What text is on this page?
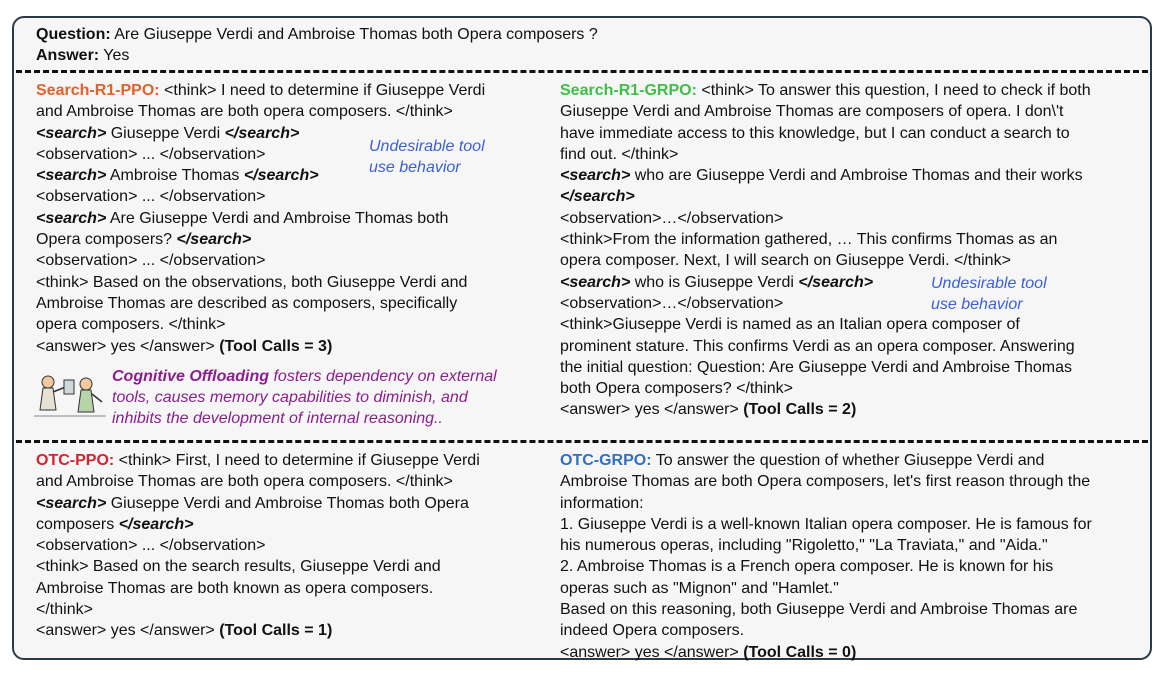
Question: Are Giuseppe Verdi and Ambroise Thomas both Opera composers ?
Answer: Yes
Search-R1-PPO: <think> I need to determine if Giuseppe Verdi
and Ambroise Thomas are both opera composers. </think>
<search> Giuseppe Verdi </search>
<observation> ... </observation>
<search> Ambroise Thomas </search>
<observation> ... </observation>
<search> Are Giuseppe Verdi and Ambroise Thomas both
Opera composers? </search>
<observation> ... </observation>
<think> Based on the observations, both Giuseppe Verdi and
Ambroise Thomas are described as composers, specifically
opera composers. </think>
<answer> yes </answer> (Tool Calls = 3)
Undesirable tool
use behavior
Cognitive Offloading fosters dependency on external
tools, causes memory capabilities to diminish, and
inhibits the development of internal reasoning..
Search-R1-GRPO: <think> To answer this question, I need to check if both
Giuseppe Verdi and Ambroise Thomas are composers of opera. I don\'t
have immediate access to this knowledge, but I can conduct a search to
find out. </think>
<search> who are Giuseppe Verdi and Ambroise Thomas and their works
</search>
<observation>…</observation>
<think>From the information gathered, … This confirms Thomas as an
opera composer. Next, I will search on Giuseppe Verdi. </think>
<search> who is Giuseppe Verdi </search>
<observation>…</observation>
<think>Giuseppe Verdi is named as an Italian opera composer of
prominent stature. This confirms Verdi as an opera composer. Answering
the initial question: Question: Are Giuseppe Verdi and Ambroise Thomas
both Opera composers? </think>
<answer> yes </answer> (Tool Calls = 2)
Undesirable tool
use behavior
OTC-PPO: <think> First, I need to determine if Giuseppe Verdi
and Ambroise Thomas are both opera composers. </think>
<search> Giuseppe Verdi and Ambroise Thomas both Opera
composers </search>
<observation> ... </observation>
<think> Based on the search results, Giuseppe Verdi and
Ambroise Thomas are both known as opera composers.
</think>
<answer> yes </answer> (Tool Calls = 1)
OTC-GRPO: To answer the question of whether Giuseppe Verdi and
Ambroise Thomas are both Opera composers, let's first reason through the
information:
1. Giuseppe Verdi is a well-known Italian opera composer. He is famous for
his numerous operas, including "Rigoletto," "La Traviata," and "Aida."
2. Ambroise Thomas is a French opera composer. He is known for his
operas such as "Mignon" and "Hamlet."
Based on this reasoning, both Giuseppe Verdi and Ambroise Thomas are
indeed Opera composers.
<answer> yes </answer> (Tool Calls = 0)
